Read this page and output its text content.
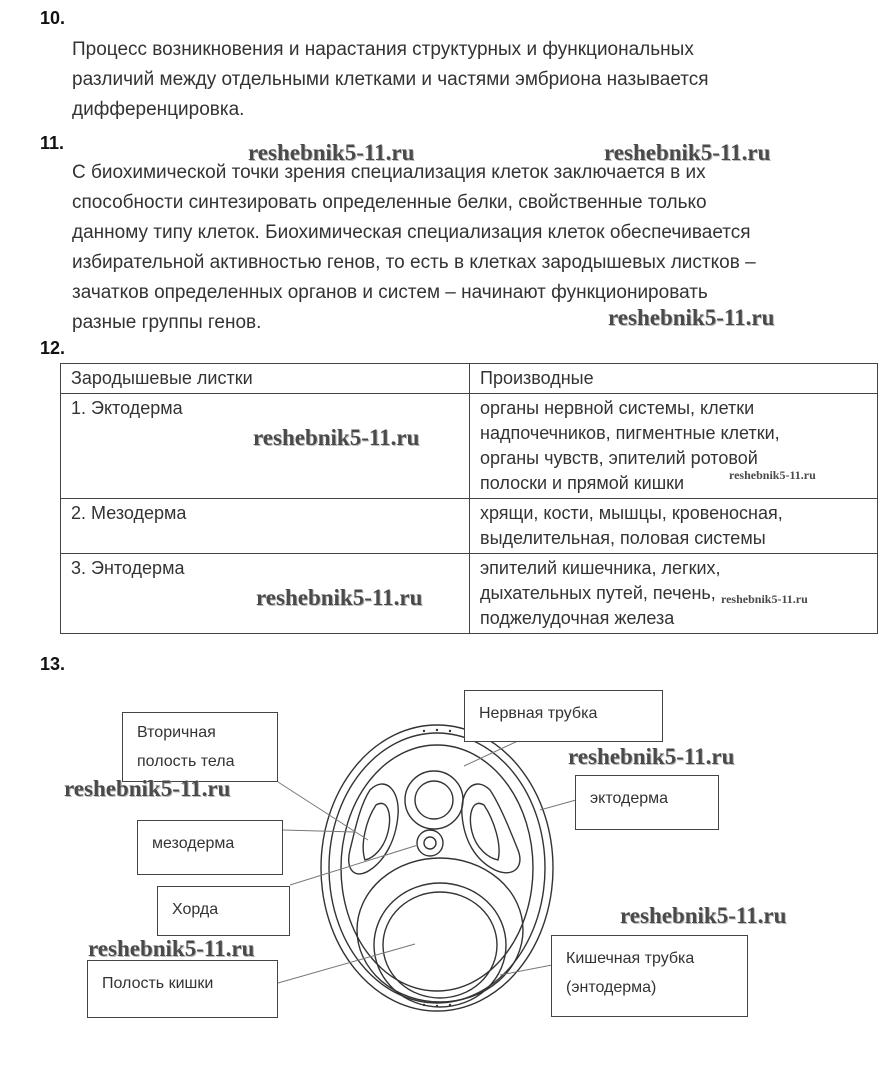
10.
Процесс возникновения и нарастания структурных и функциональных
различий между отдельными клетками и частями эмбриона называется
дифференцировка.
11.
С биохимической точки зрения специализация клеток заключается в их
способности синтезировать определенные белки, свойственные только
данному типу клеток. Биохимическая специализация клеток обеспечивается
избирательной активностью генов, то есть в клетках зародышевых листков –
зачатков определенных органов и систем – начинают функционировать
разные группы генов.
12.
Зародышевые листки	Производные
1. Эктодерма	органы нервной системы, клетки
надпочечников, пигментные клетки,
органы чувств, эпителий ротовой
полоски и прямой кишки

2. Мезодерма	хрящи, кости, мышцы, кровеносная,
выделительная, половая системы

3. Энтодерма	эпителий кишечника, легких,
дыхательных путей, печень,
поджелудочная железа
13.
Вторичная
полость тела
мезодерма
Хорда
Полость кишки
Нервная трубка
эктодерма
Кишечная трубка
(энтодерма)
reshebnik5-11.ru	reshebnik5-11.ru
reshebnik5-11.ru
reshebnik5-11.ru
reshebnik5-11.ru
reshebnik5-11.ru	reshebnik5-11.ru
reshebnik5-11.ru
reshebnik5-11.ru
reshebnik5-11.ru
reshebnik5-11.ru
